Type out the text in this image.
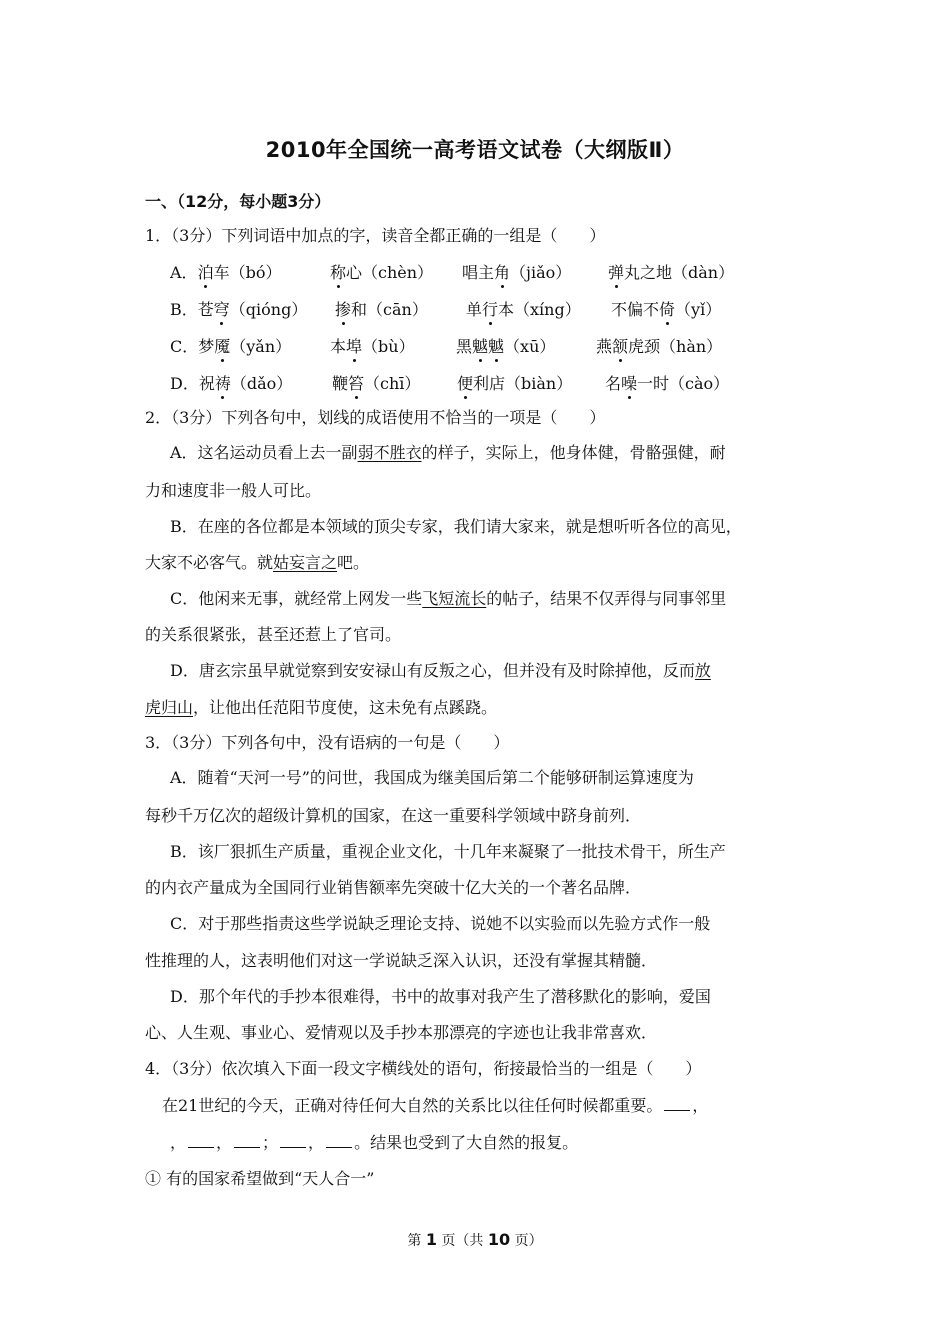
2010年全国统一高考语文试卷（大纲版Ⅱ）
一、（12分，每小题3分）
1．（3分）下列词语中加点的字，读音全都正确的一组是（　　）
A．泊车（bó）	称心（chèn） 唱主角（jiǎo） 弹丸之地（dàn）
B．苍穹（qióng） 掺和（cān） 单行本（xíng） 不偏不倚（yǐ）
C．梦魇（yǎn） 本埠（bù）	黑魆魆（xū）	燕颔虎颈（hàn）
D．祝祷（dǎo） 鞭笞（chī） 便利店（biàn） 名噪一时（cào）
2．（3分）下列各句中，划线的成语使用不恰当的一项是（　　）
A．这名运动员看上去一副弱不胜衣的样子，实际上，他身体健，骨骼强健，耐
力和速度非一般人可比。
B．在座的各位都是本领域的顶尖专家，我们请大家来，就是想听听各位的高见，
大家不必客气。就姑妄言之吧。
C．他闲来无事，就经常上网发一些飞短流长的帖子，结果不仅弄得与同事邻里
的关系很紧张，甚至还惹上了官司。
D．唐玄宗虽早就觉察到安安禄山有反叛之心，但并没有及时除掉他，反而放
虎归山，让他出任范阳节度使，这未免有点蹊跷。
3．（3分）下列各句中，没有语病的一句是（　　）
A．随着“天河一号”的问世，我国成为继美国后第二个能够研制运算速度为
每秒千万亿次的超级计算机的国家，在这一重要科学领域中跻身前列．
B．该厂狠抓生产质量，重视企业文化，十几年来凝聚了一批技术骨干，所生产
的内衣产量成为全国同行业销售额率先突破十亿大关的一个著名品牌．
C．对于那些指责这些学说缺乏理论支持、说她不以实验而以先验方式作一般
性推理的人，这表明他们对这一学说缺乏深入认识，还没有掌握其精髓．
D．那个年代的手抄本很难得，书中的故事对我产生了潜移默化的影响，爱国
心、人生观、事业心、爱情观以及手抄本那漂亮的字迹也让我非常喜欢．
4．（3分）依次填入下面一段文字横线处的语句，衔接最恰当的一组是（　　）
在21世纪的今天，正确对待任何大自然的关系比以往任何时候都重要。 ，
， ， ； ， 。结果也受到了大自然的报复。
① 有的国家希望做到“天人合一”
第 1 页（共 10 页）
